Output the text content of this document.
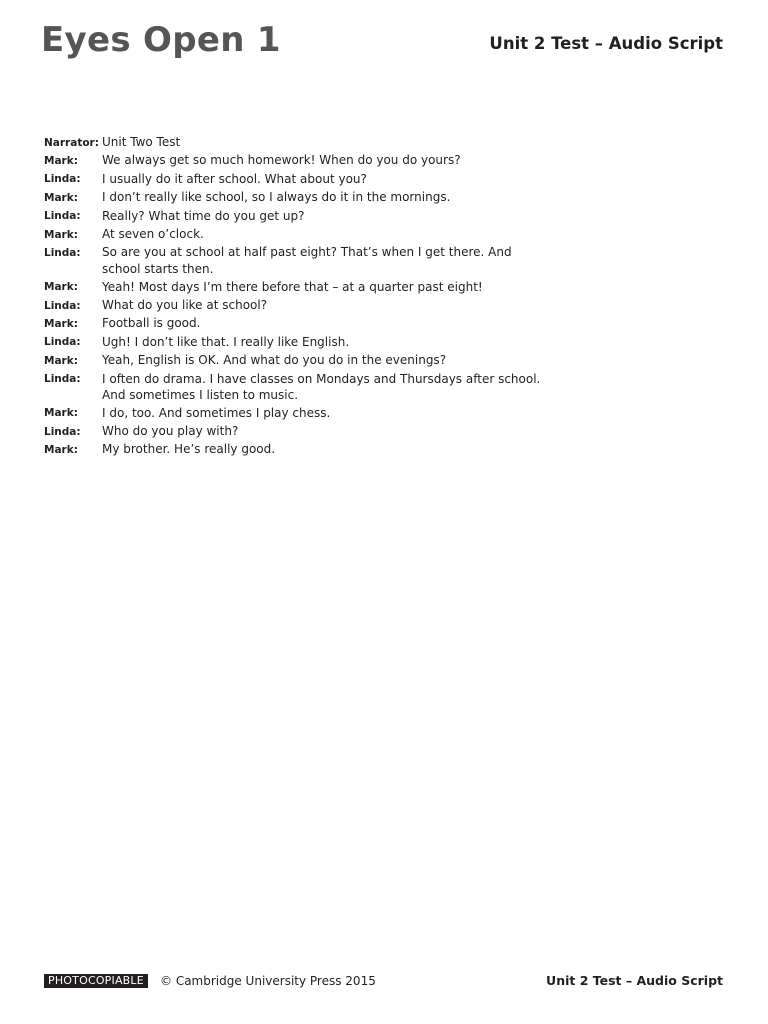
Eyes Open 1	Unit 2 Test – Audio Script
Narrator: Unit Two Test
Mark:	We always get so much homework! When do you do yours?
Linda:	I usually do it after school. What about you?
Mark:	I don’t really like school, so I always do it in the mornings.
Linda:	Really? What time do you get up?
Mark:	At seven o’clock.
Linda:	So are you at school at half past eight? That’s when I get there. And school starts then.
Mark:	Yeah! Most days I’m there before that – at a quarter past eight!
Linda:	What do you like at school?
Mark:	Football is good.
Linda:	Ugh! I don’t like that. I really like English.
Mark:	Yeah, English is OK. And what do you do in the evenings?
Linda:	I often do drama. I have classes on Mondays and Thursdays after school. And sometimes I listen to music.
Mark:	I do, too. And sometimes I play chess.
Linda:	Who do you play with?
Mark:	My brother. He’s really good.
PHOTOCOPIABLE	© Cambridge University Press 2015	Unit 2 Test – Audio Script
